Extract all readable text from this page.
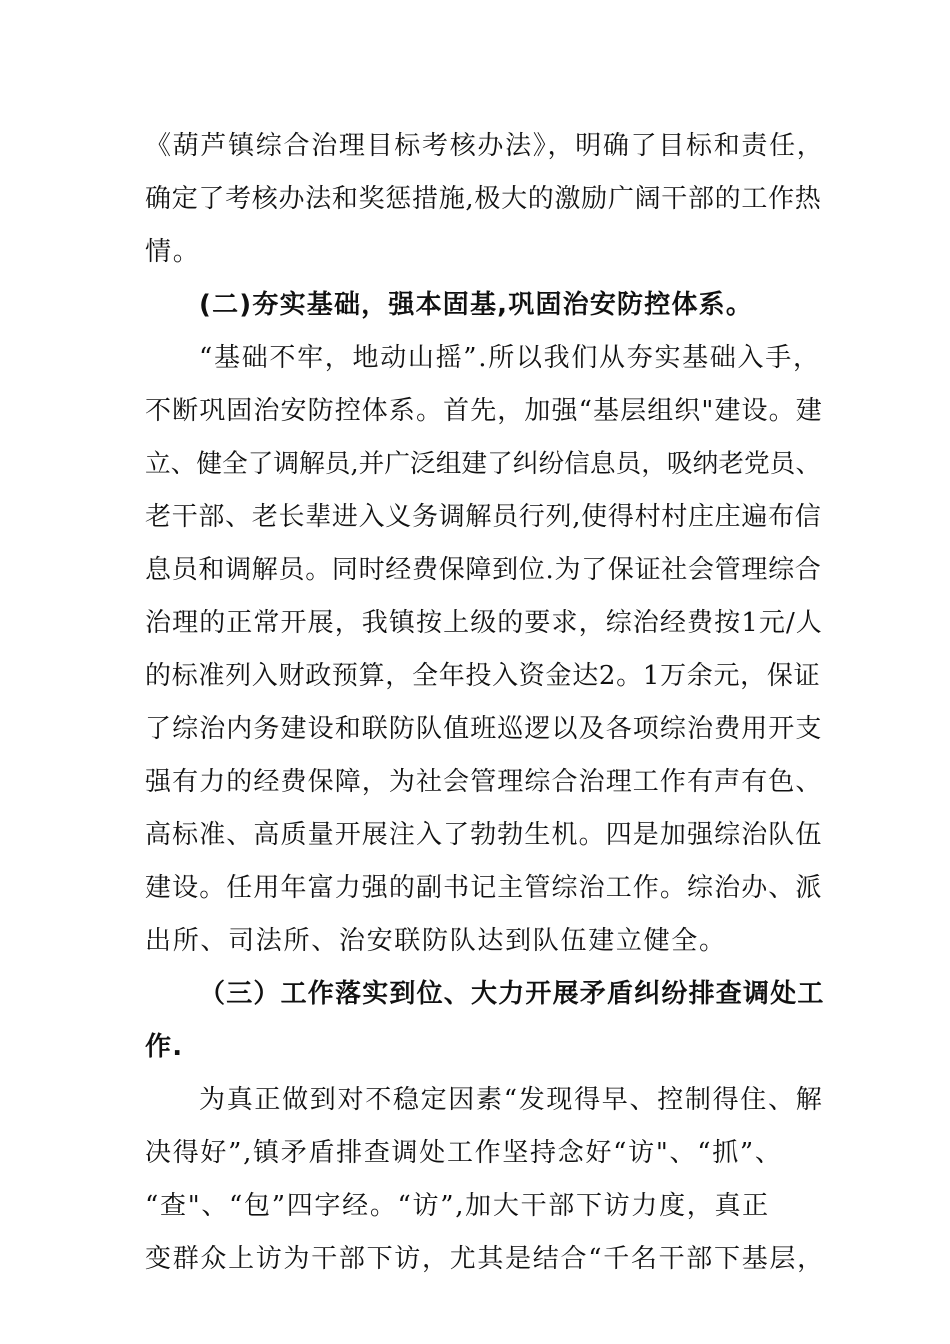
《葫芦镇综合治理目标考核办法》，明确了目标和责任，
确定了考核办法和奖惩措施,极大的激励广阔干部的工作热
情。
(二)夯实基础，强本固基,巩固治安防控体系。
“基础不牢，地动山摇”.所以我们从夯实基础入手，
不断巩固治安防控体系。首先，加强“基层组织"建设。建
立、健全了调解员,并广泛组建了纠纷信息员，吸纳老党员、
老干部、老长辈进入义务调解员行列,使得村村庄庄遍布信
息员和调解员。同时经费保障到位.为了保证社会管理综合
治理的正常开展，我镇按上级的要求，综治经费按1元/人
的标准列入财政预算，全年投入资金达2。1万余元，保证
了综治内务建设和联防队值班巡逻以及各项综治费用开支
强有力的经费保障，为社会管理综合治理工作有声有色、
高标准、高质量开展注入了勃勃生机。四是加强综治队伍
建设。任用年富力强的副书记主管综治工作。综治办、派
出所、司法所、治安联防队达到队伍建立健全。
（三）工作落实到位、大力开展矛盾纠纷排查调处工
作.
为真正做到对不稳定因素“发现得早、控制得住、解
决得好”,镇矛盾排查调处工作坚持念好“访"、“抓”、
“查"、“包”四字经。“访”,加大干部下访力度，真正
变群众上访为干部下访，尤其是结合“千名干部下基层，
